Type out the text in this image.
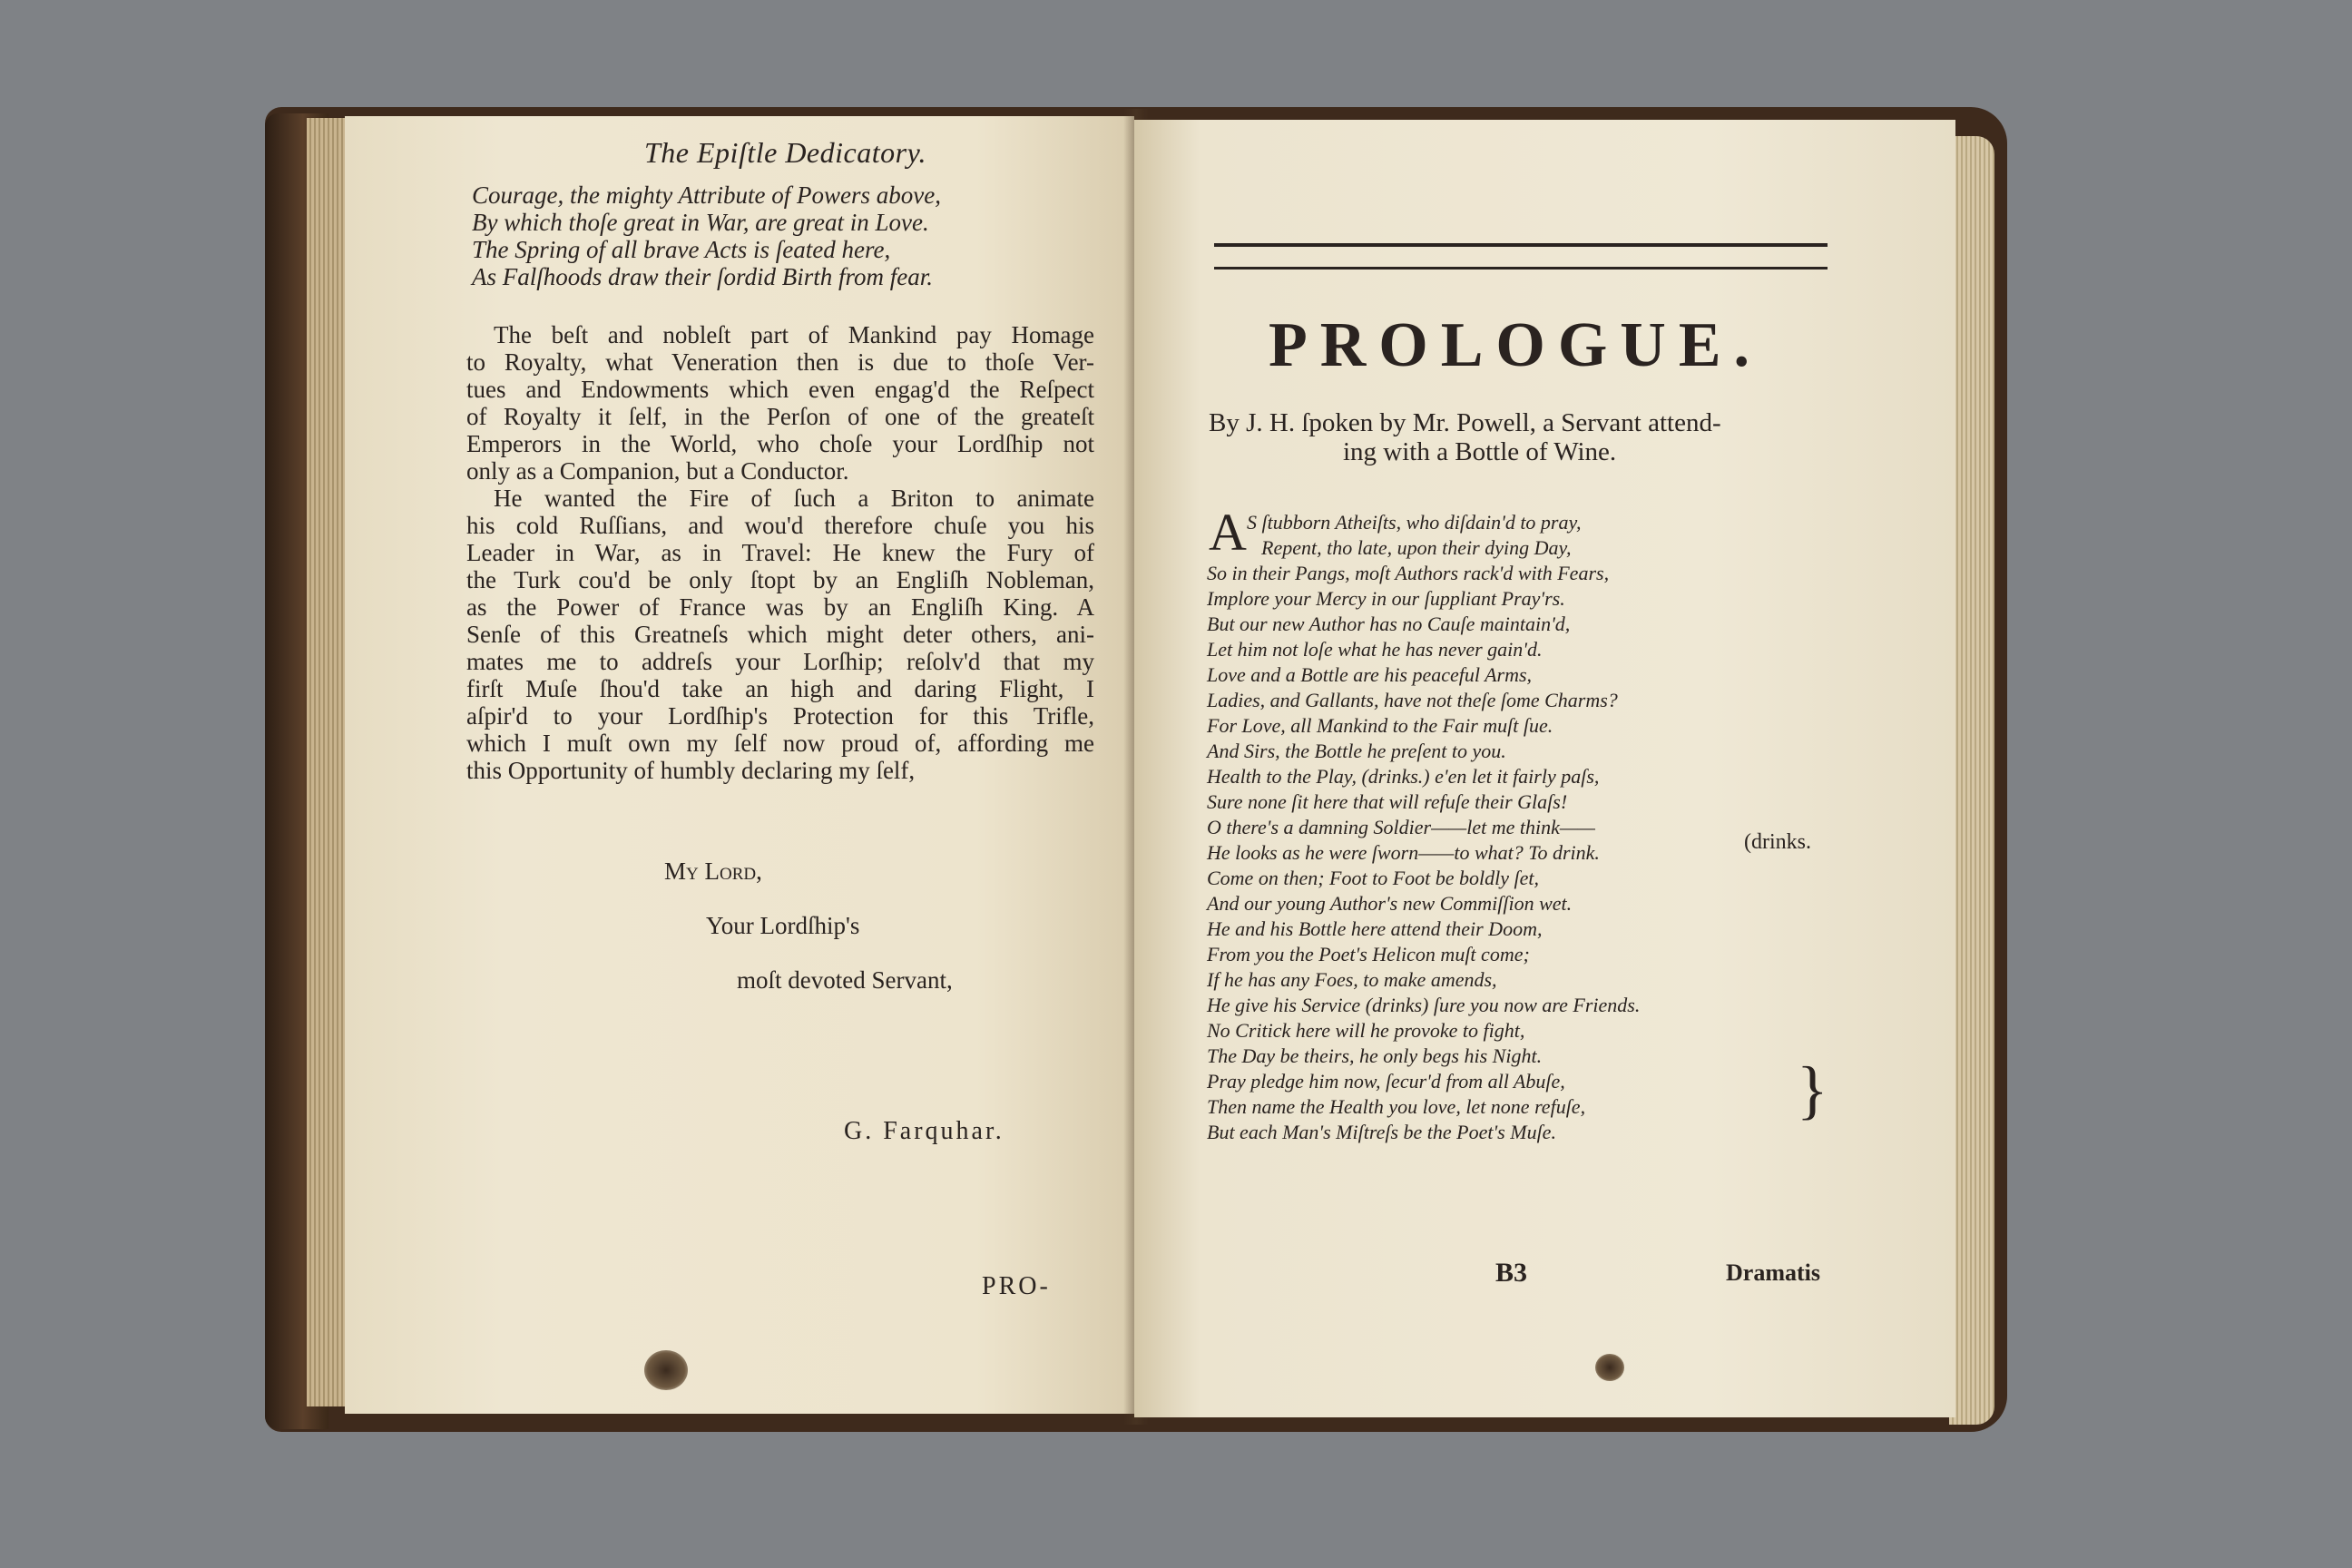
The Epiſtle Dedicatory.
Courage, the mighty Attribute of Powers above,
By which thoſe great in War, are great in Love.
The Spring of all brave Acts is ſeated here,
As Falſhoods draw their ſordid Birth from fear.
The beſt and nobleſt part of Mankind pay Homage
to Royalty, what Veneration then is due to thoſe Ver-
tues and Endowments which even engag'd the Reſpect
of Royalty it ſelf, in the Perſon of one of the greateſt
Emperors in the World, who choſe your Lordſhip not
only as a Companion, but a Conductor.
He wanted the Fire of ſuch a Briton to animate
his cold Ruſſians, and wou'd therefore chuſe you his
Leader in War, as in Travel: He knew the Fury of
the Turk cou'd be only ſtopt by an Engliſh Nobleman,
as the Power of France was by an Engliſh King. A
Senſe of this Greatneſs which might deter others, ani-
mates me to addreſs your Lorſhip; reſolv'd that my
firſt Muſe ſhou'd take an high and daring Flight, I
aſpir'd to your Lordſhip's Protection for this Trifle,
which I muſt own my ſelf now proud of, affording me
this Opportunity of humbly declaring my ſelf,
My Lord,
Your Lordſhip's
moſt devoted Servant,
G. Farquhar.
PRO-
PROLOGUE.
By J. H. ſpoken by Mr. Powell, a Servant attend-
ing with a Bottle of Wine.
A S ſtubborn Atheiſts, who diſdain'd to pray,
Repent, tho late, upon their dying Day,
So in their Pangs, moſt Authors rack'd with Fears,
Implore your Mercy in our ſuppliant Pray'rs.
But our new Author has no Cauſe maintain'd,
Let him not loſe what he has never gain'd.
Love and a Bottle are his peaceful Arms,
Ladies, and Gallants, have not theſe ſome Charms?
For Love, all Mankind to the Fair muſt ſue.
And Sirs, the Bottle he preſent to you.
Health to the Play, (drinks.) e'en let it fairly paſs,
Sure none ſit here that will refuſe their Glaſs!
O there's a damning Soldier——let me think——
He looks as he were ſworn——to what? To drink.
Come on then; Foot to Foot be boldly ſet,
And our young Author's new Commiſſion wet.
He and his Bottle here attend their Doom,
From you the Poet's Helicon muſt come;
If he has any Foes, to make amends,
He give his Service (drinks) ſure you now are Friends.
No Critick here will he provoke to fight,
The Day be theirs, he only begs his Night.
Pray pledge him now, ſecur'd from all Abuſe,
Then name the Health you love, let none refuſe,
But each Man's Miſtreſs be the Poet's Muſe.
(drinks.
}
B3	Dramatis
